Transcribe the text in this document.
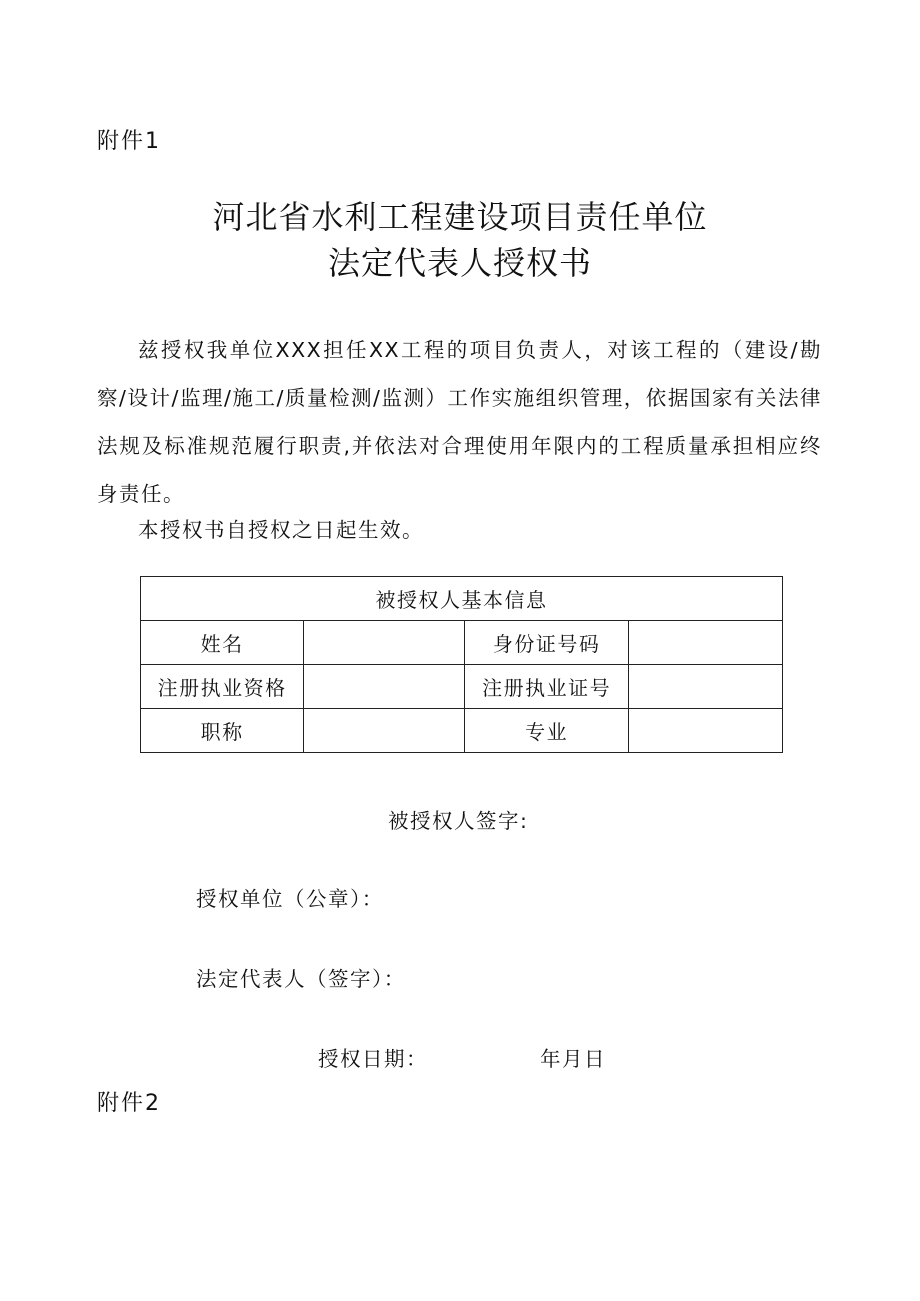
附件1
河北省水利工程建设项目责任单位
法定代表人授权书
兹授权我单位XXX担任XX工程的项目负责人，对该工程的（建设/勘察/设计/监理/施工/质量检测/监测）工作实施组织管理，依据国家有关法律法规及标准规范履行职责,并依法对合理使用年限内的工程质量承担相应终身责任。
本授权书自授权之日起生效。
被授权人基本信息			
姓名		身份证号码	
注册执业资格		注册执业证号	
职称		专业	
被授权人签字:
授权单位（公章）：
法定代表人（签字）：
授权日期：	年月日
附件2
